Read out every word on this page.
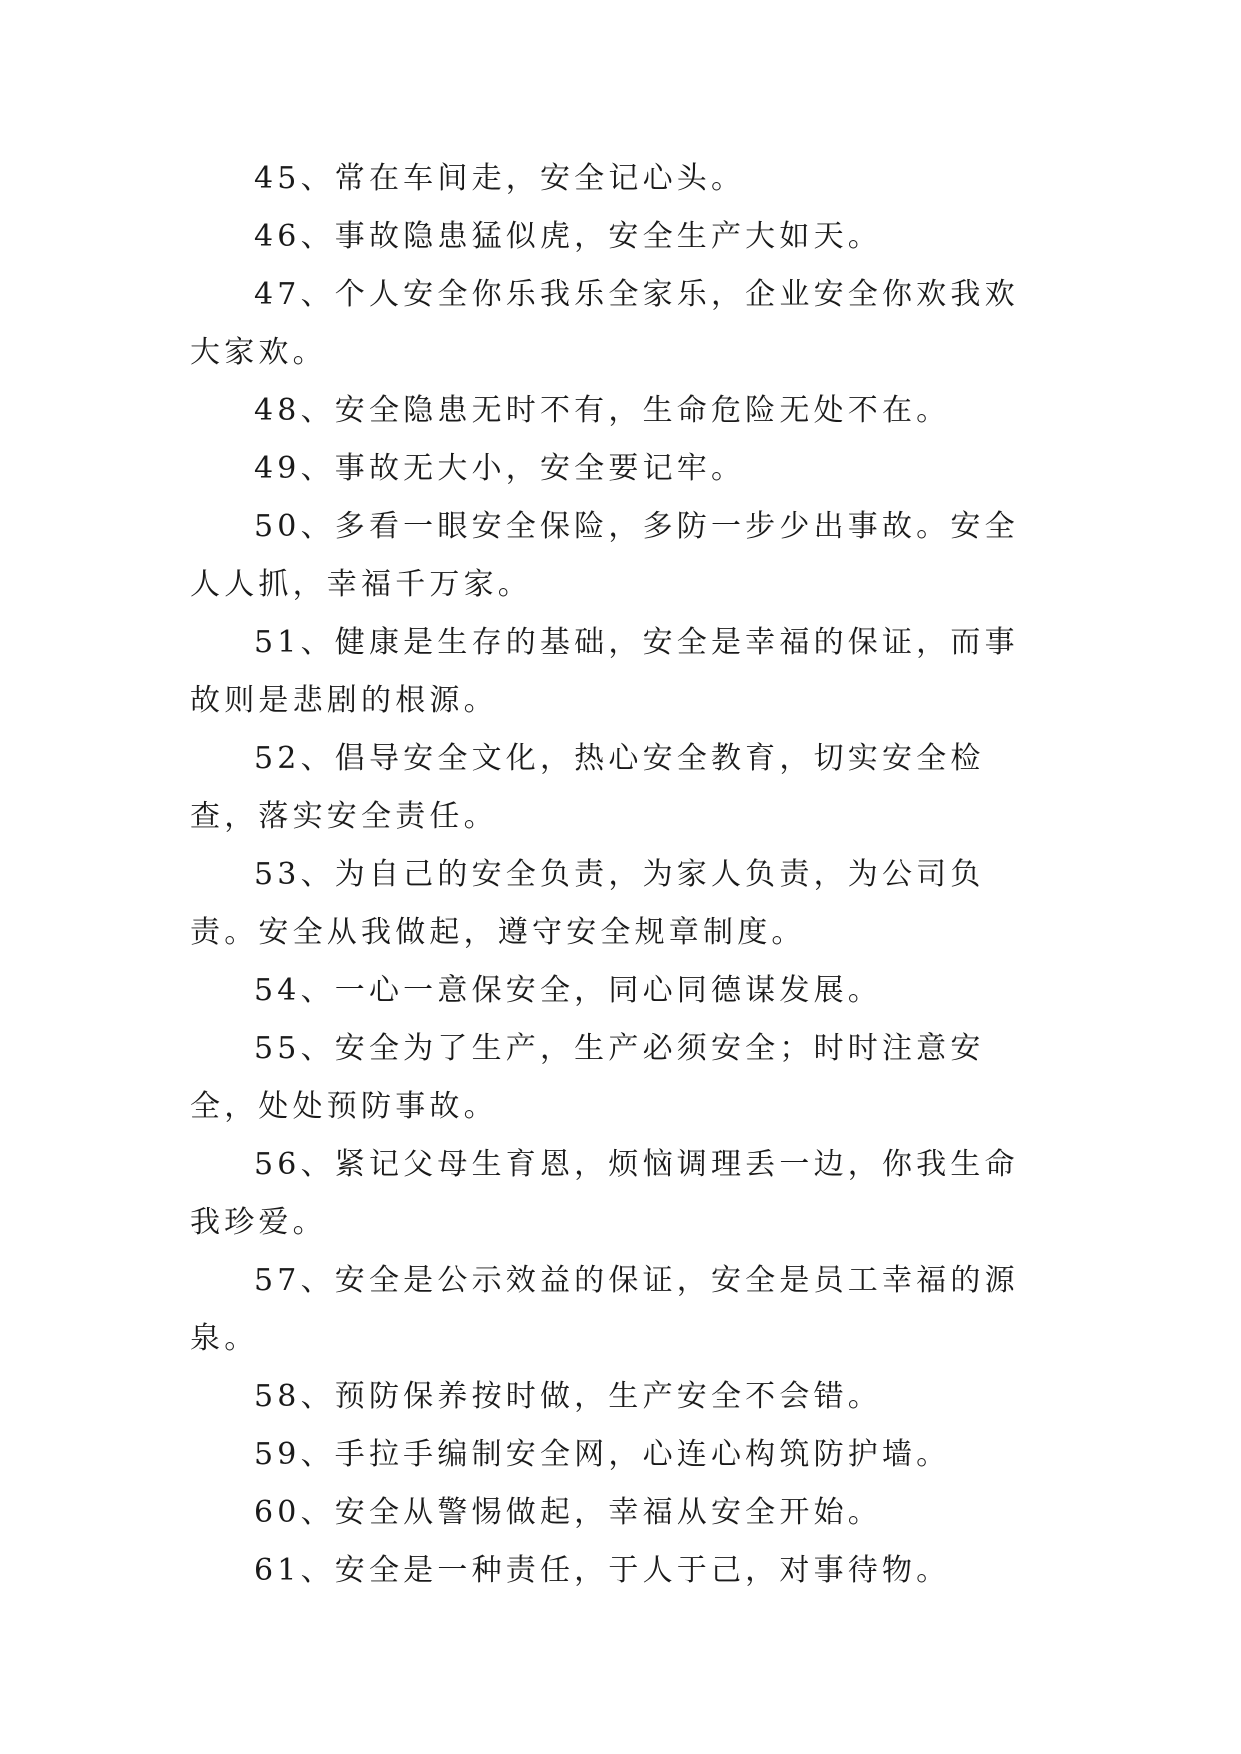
45、常在车间走，安全记心头。

46、事故隐患猛似虎，安全生产大如天。

47、个人安全你乐我乐全家乐，企业安全你欢我欢大家欢。

48、安全隐患无时不有，生命危险无处不在。

49、事故无大小，安全要记牢。

50、多看一眼安全保险，多防一步少出事故。安全人人抓，幸福千万家。

51、健康是生存的基础，安全是幸福的保证，而事故则是悲剧的根源。

52、倡导安全文化，热心安全教育，切实安全检查，落实安全责任。

53、为自己的安全负责，为家人负责，为公司负责。安全从我做起，遵守安全规章制度。

54、一心一意保安全，同心同德谋发展。

55、安全为了生产，生产必须安全；时时注意安全，处处预防事故。

56、紧记父母生育恩，烦恼调理丢一边，你我生命我珍爱。

57、安全是公示效益的保证，安全是员工幸福的源泉。

58、预防保养按时做，生产安全不会错。

59、手拉手编制安全网，心连心构筑防护墙。

60、安全从警惕做起，幸福从安全开始。

61、安全是一种责任，于人于己，对事待物。
